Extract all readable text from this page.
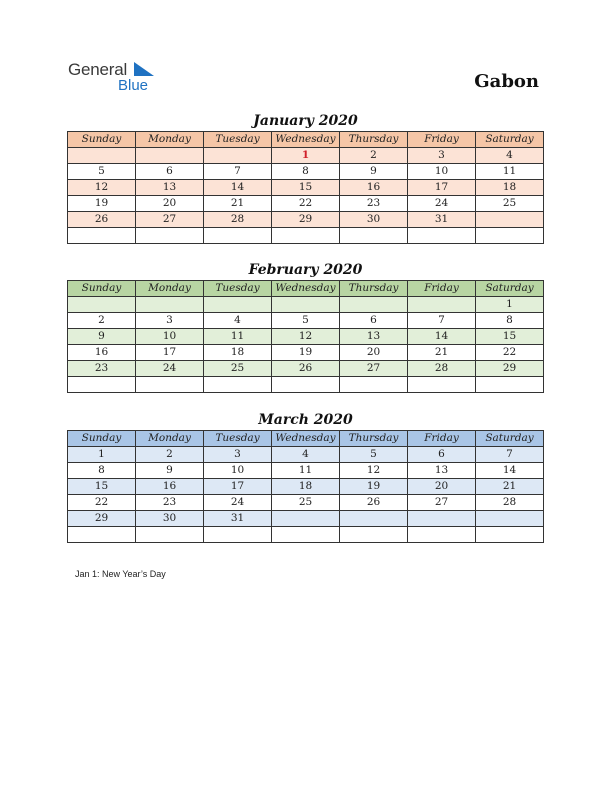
General
Blue	Gabon
January 2020
Sunday	Monday	Tuesday	Wednesday	Thursday	Friday	Saturday
			1	2	3	4
5	6	7	8	9	10	11
12	13	14	15	16	17	18
19	20	21	22	23	24	25
26	27	28	29	30	31	

February 2020
Sunday	Monday	Tuesday	Wednesday	Thursday	Friday	Saturday
						1
2	3	4	5	6	7	8
9	10	11	12	13	14	15
16	17	18	19	20	21	22
23	24	25	26	27	28	29

March 2020
Sunday	Monday	Tuesday	Wednesday	Thursday	Friday	Saturday
1	2	3	4	5	6	7
8	9	10	11	12	13	14
15	16	17	18	19	20	21
22	23	24	25	26	27	28
29	30	31				

Jan 1: New Year’s Day
